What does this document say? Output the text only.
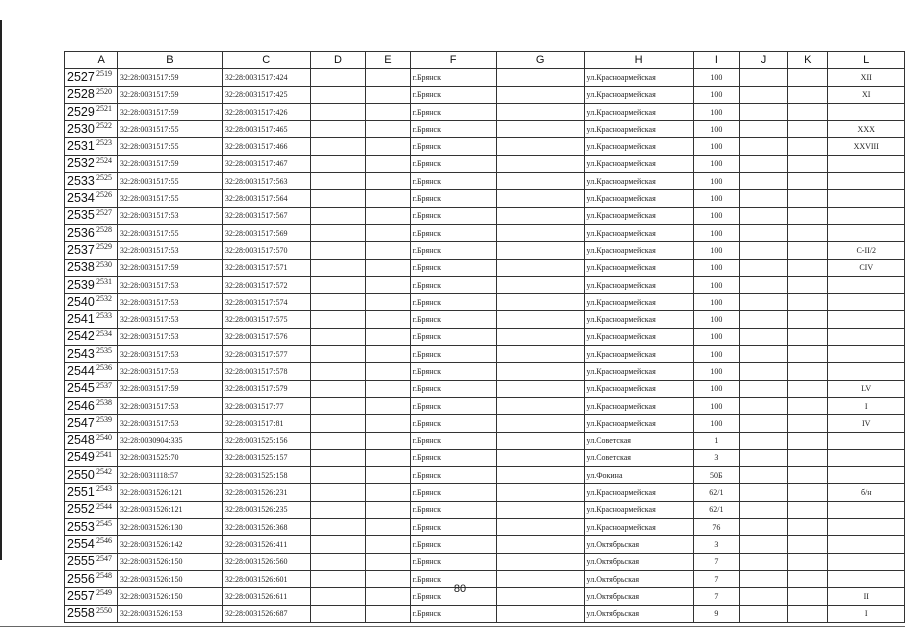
A	B	C	D	E	F	G	H	I	J	K	L
2527 2519	32:28:0031517:59	32:28:0031517:424			г.Брянск		ул.Красноармейская	100			XII
2528 2520	32:28:0031517:59	32:28:0031517:425			г.Брянск		ул.Красноармейская	100			XI
2529 2521	32:28:0031517:59	32:28:0031517:426			г.Брянск		ул.Красноармейская	100			
2530 2522	32:28:0031517:55	32:28:0031517:465			г.Брянск		ул.Красноармейская	100			XXX
2531 2523	32:28:0031517:55	32:28:0031517:466			г.Брянск		ул.Красноармейская	100			XXVIII
2532 2524	32:28:0031517:59	32:28:0031517:467			г.Брянск		ул.Красноармейская	100			
2533 2525	32:28:0031517:55	32:28:0031517:563			г.Брянск		ул.Красноармейская	100			
2534 2526	32:28:0031517:55	32:28:0031517:564			г.Брянск		ул.Красноармейская	100			
2535 2527	32:28:0031517:53	32:28:0031517:567			г.Брянск		ул.Красноармейская	100			
2536 2528	32:28:0031517:55	32:28:0031517:569			г.Брянск		ул.Красноармейская	100			
2537 2529	32:28:0031517:53	32:28:0031517:570			г.Брянск		ул.Красноармейская	100			С-II/2
2538 2530	32:28:0031517:59	32:28:0031517:571			г.Брянск		ул.Красноармейская	100			CIV
2539 2531	32:28:0031517:53	32:28:0031517:572			г.Брянск		ул.Красноармейская	100			
2540 2532	32:28:0031517:53	32:28:0031517:574			г.Брянск		ул.Красноармейская	100			
2541 2533	32:28:0031517:53	32:28:0031517:575			г.Брянск		ул.Красноармейская	100			
2542 2534	32:28:0031517:53	32:28:0031517:576			г.Брянск		ул.Красноармейская	100			
2543 2535	32:28:0031517:53	32:28:0031517:577			г.Брянск		ул.Красноармейская	100			
2544 2536	32:28:0031517:53	32:28:0031517:578			г.Брянск		ул.Красноармейская	100			
2545 2537	32:28:0031517:59	32:28:0031517:579			г.Брянск		ул.Красноармейская	100			LV
2546 2538	32:28:0031517:53	32:28:0031517:77			г.Брянск		ул.Красноармейская	100			I
2547 2539	32:28:0031517:53	32:28:0031517:81			г.Брянск		ул.Красноармейская	100			IV
2548 2540	32:28:0030904:335	32:28:0031525:156			г.Брянск		ул.Советская	1			
2549 2541	32:28:0031525:70	32:28:0031525:157			г.Брянск		ул.Советская	3			
2550 2542	32:28:0031118:57	32:28:0031525:158			г.Брянск		ул.Фокина	50Б			
2551 2543	32:28:0031526:121	32:28:0031526:231			г.Брянск		ул.Красноармейская	62/1			б/н
2552 2544	32:28:0031526:121	32:28:0031526:235			г.Брянск		ул.Красноармейская	62/1			
2553 2545	32:28:0031526:130	32:28:0031526:368			г.Брянск		ул.Красноармейская	76			
2554 2546	32:28:0031526:142	32:28:0031526:411			г.Брянск		ул.Октябрьская	3			
2555 2547	32:28:0031526:150	32:28:0031526:560			г.Брянск		ул.Октябрьская	7			
2556 2548	32:28:0031526:150	32:28:0031526:601			г.Брянск		ул.Октябрьская	7			
2557 2549	32:28:0031526:150	32:28:0031526:611			г.Брянск		ул.Октябрьская	7			II
2558 2550	32:28:0031526:153	32:28:0031526:687			г.Брянск		ул.Октябрьская	9			I
80
